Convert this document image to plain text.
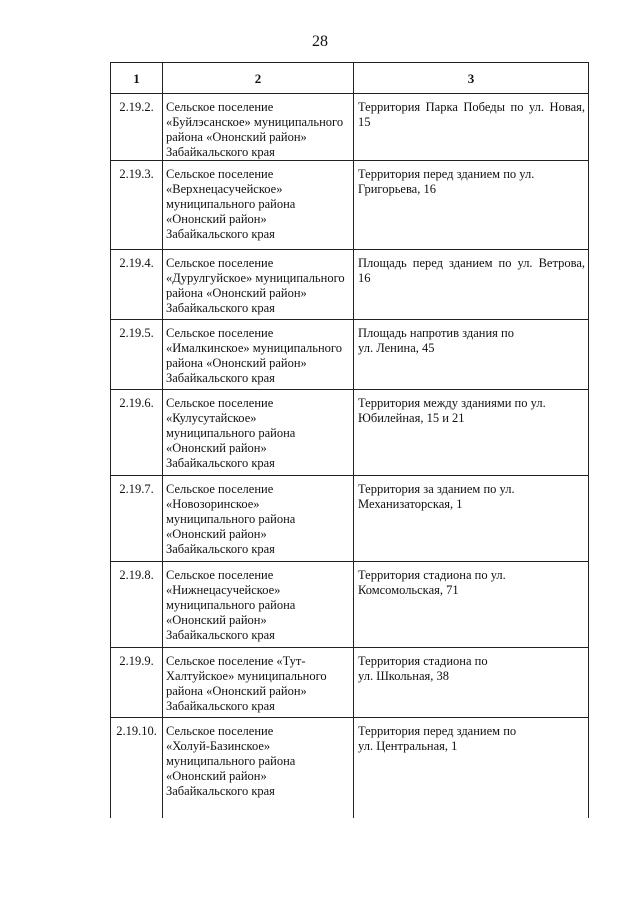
28
1	2	3
2.19.2.	Сельское поселение
«Буйлэсанское» муниципального
района «Ононский район»
Забайкальского края	Территория Парка Победы по ул. Новая, 15
2.19.3.	Сельское поселение
«Верхнецасучейское»
муниципального района
«Ононский район»
Забайкальского края	Территория перед зданием по ул.
Григорьева, 16
2.19.4.	Сельское поселение
«Дурулгуйское» муниципального
района «Ононский район»
Забайкальского края	Площадь перед зданием по ул. Ветрова, 16
2.19.5.	Сельское поселение
«Ималкинское» муниципального
района «Ононский район»
Забайкальского края	Площадь напротив здания по
ул. Ленина, 45
2.19.6.	Сельское поселение
«Кулусутайское»
муниципального района
«Ононский район»
Забайкальского края	Территория между зданиями по ул.
Юбилейная, 15 и 21
2.19.7.	Сельское поселение
«Новозоринское»
муниципального района
«Ононский район»
Забайкальского края	Территория за зданием по ул.
Механизаторская, 1
2.19.8.	Сельское поселение
«Нижнецасучейское»
муниципального района
«Ононский район»
Забайкальского края	Территория стадиона по ул.
Комсомольская, 71
2.19.9.	Сельское поселение «Тут-
Халтуйское» муниципального
района «Ононский район»
Забайкальского края	Территория стадиона по
ул. Школьная, 38
2.19.10.	Сельское поселение
«Холуй-Базинское»
муниципального района
«Ононский район»
Забайкальского края	Территория перед зданием по
ул. Центральная, 1
